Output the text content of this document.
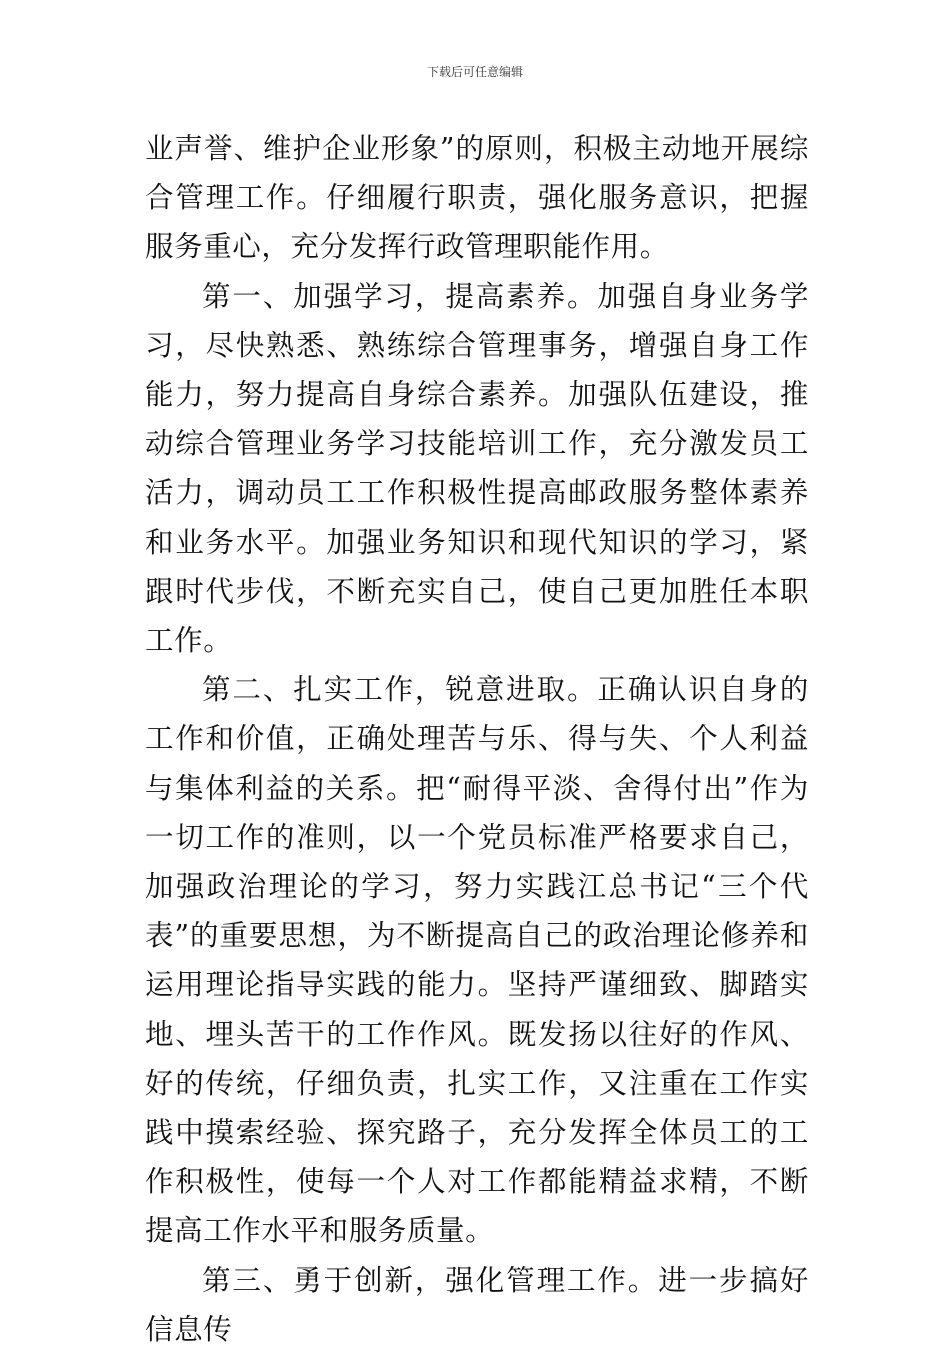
下载后可任意编辑

业声誉、维护企业形象”的原则，积极主动地开展综合管理工作。仔细履行职责，强化服务意识，把握服务重心，充分发挥行政管理职能作用。

第一、加强学习，提高素养。加强自身业务学习，尽快熟悉、熟练综合管理事务，增强自身工作能力，努力提高自身综合素养。加强队伍建设，推动综合管理业务学习技能培训工作，充分激发员工活力，调动员工工作积极性提高邮政服务整体素养和业务水平。加强业务知识和现代知识的学习，紧跟时代步伐，不断充实自己，使自己更加胜任本职工作。

第二、扎实工作，锐意进取。正确认识自身的工作和价值，正确处理苦与乐、得与失、个人利益与集体利益的关系。把“耐得平淡、舍得付出”作为一切工作的准则，以一个党员标准严格要求自己，加强政治理论的学习，努力实践江总书记“三个代表”的重要思想，为不断提高自己的政治理论修养和运用理论指导实践的能力。坚持严谨细致、脚踏实地、埋头苦干的工作作风。既发扬以往好的作风、好的传统，仔细负责，扎实工作，又注重在工作实践中摸索经验、探究路子，充分发挥全体员工的工作积极性，使每一个人对工作都能精益求精，不断提高工作水平和服务质量。

第三、勇于创新，强化管理工作。进一步搞好信息传
